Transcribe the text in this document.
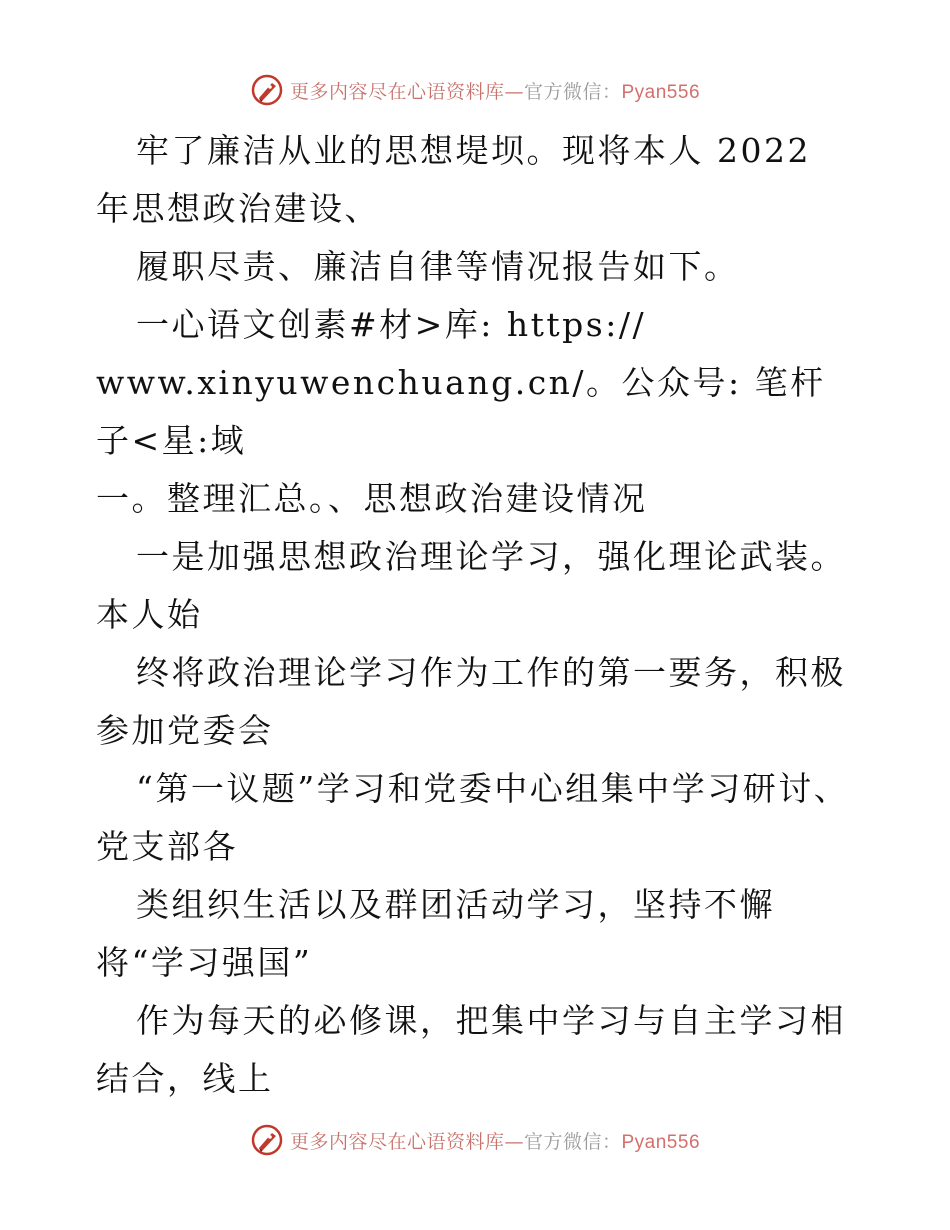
更多内容尽在心语资料库—官方微信：Pyan556

牢了廉洁从业的思想堤坝。现将本人 2022 年思想政治建设、

履职尽责、廉洁自律等情况报告如下。

一心语文创素#材>库: https://

www.xinyuwenchuang.cn/。公众号: 笔杆子<星:域

一。整理汇总。、思想政治建设情况

一是加强思想政治理论学习，强化理论武装。本人始

终将政治理论学习作为工作的第一要务，积极参加党委会

“第一议题”学习和党委中心组集中学习研讨、党支部各

类组织生活以及群团活动学习，坚持不懈将“学习强国”

作为每天的必修课，把集中学习与自主学习相结合，线上

更多内容尽在心语资料库—官方微信：Pyan556
